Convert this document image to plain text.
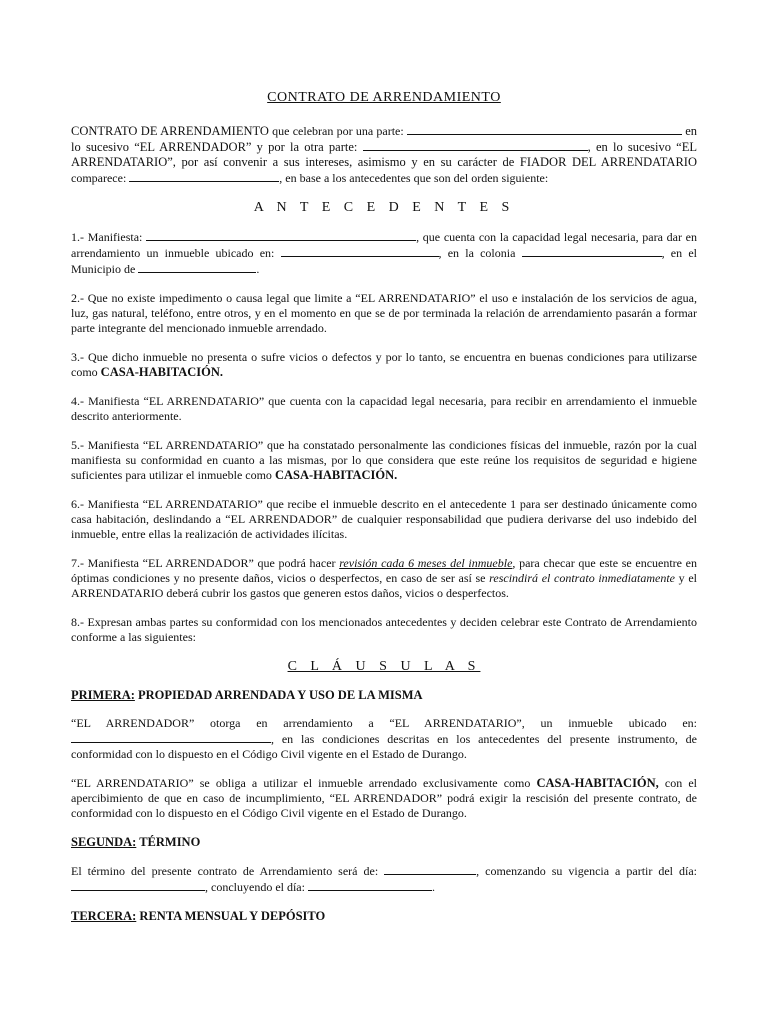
CONTRATO DE ARRENDAMIENTO

CONTRATO DE ARRENDAMIENTO que celebran por una parte:	en lo sucesivo “EL ARRENDADOR” y por la otra parte:	, en lo sucesivo “EL ARRENDATARIO”, por así convenir a sus intereses, asimismo y en su carácter de FIADOR DEL ARRENDATARIO comparece:	, en base a los antecedentes que son del orden siguiente:

A N T E C E D E N T E S

1.- Manifiesta:	, que cuenta con la capacidad legal necesaria, para dar en arrendamiento un inmueble ubicado en:	, en la colonia	, en el Municipio de	.

2.- Que no existe impedimento o causa legal que limite a “EL ARRENDATARIO” el uso e instalación de los servicios de agua, luz, gas natural, teléfono, entre otros, y en el momento en que se de por terminada la relación de arrendamiento pasarán a formar parte integrante del mencionado inmueble arrendado.

3.- Que dicho inmueble no presenta o sufre vicios o defectos y por lo tanto, se encuentra en buenas condiciones para utilizarse como CASA-HABITACIÓN.

4.- Manifiesta “EL ARRENDATARIO” que cuenta con la capacidad legal necesaria, para recibir en arrendamiento el inmueble descrito anteriormente.

5.- Manifiesta “EL ARRENDATARIO” que ha constatado personalmente las condiciones físicas del inmueble, razón por la cual manifiesta su conformidad en cuanto a las mismas, por lo que considera que este reúne los requisitos de seguridad e higiene suficientes para utilizar el inmueble como CASA-HABITACIÓN.

6.- Manifiesta “EL ARRENDATARIO” que recibe el inmueble descrito en el antecedente 1 para ser destinado únicamente como casa habitación, deslindando a “EL ARRENDADOR” de cualquier responsabilidad que pudiera derivarse del uso indebido del inmueble, entre ellas la realización de actividades ilícitas.

7.- Manifiesta “EL ARRENDADOR” que podrá hacer revisión cada 6 meses del inmueble, para checar que este se encuentre en óptimas condiciones y no presente daños, vicios o desperfectos, en caso de ser así se rescindirá el contrato inmediatamente y el ARRENDATARIO deberá cubrir los gastos que generen estos daños, vicios o desperfectos.

8.- Expresan ambas partes su conformidad con los mencionados antecedentes y deciden celebrar este Contrato de Arrendamiento conforme a las siguientes:

C L Á U S U L A S
PRIMERA: PROPIEDAD ARRENDADA Y USO DE LA MISMA

“EL ARRENDADOR” otorga en arrendamiento a “EL ARRENDATARIO”, un inmueble ubicado en: , en las condiciones descritas en los antecedentes del presente instrumento, de conformidad con lo dispuesto en el Código Civil vigente en el Estado de Durango.

“EL ARRENDATARIO” se obliga a utilizar el inmueble arrendado exclusivamente como CASA-HABITACIÓN, con el apercibimiento de que en caso de incumplimiento, “EL ARRENDADOR” podrá exigir la rescisión del presente contrato, de conformidad con lo dispuesto en el Código Civil vigente en el Estado de Durango.

SEGUNDA: TÉRMINO

El término del presente contrato de Arrendamiento será de:	, comenzando su vigencia a partir del día: , concluyendo el día:	.

TERCERA: RENTA MENSUAL Y DEPÓSITO
